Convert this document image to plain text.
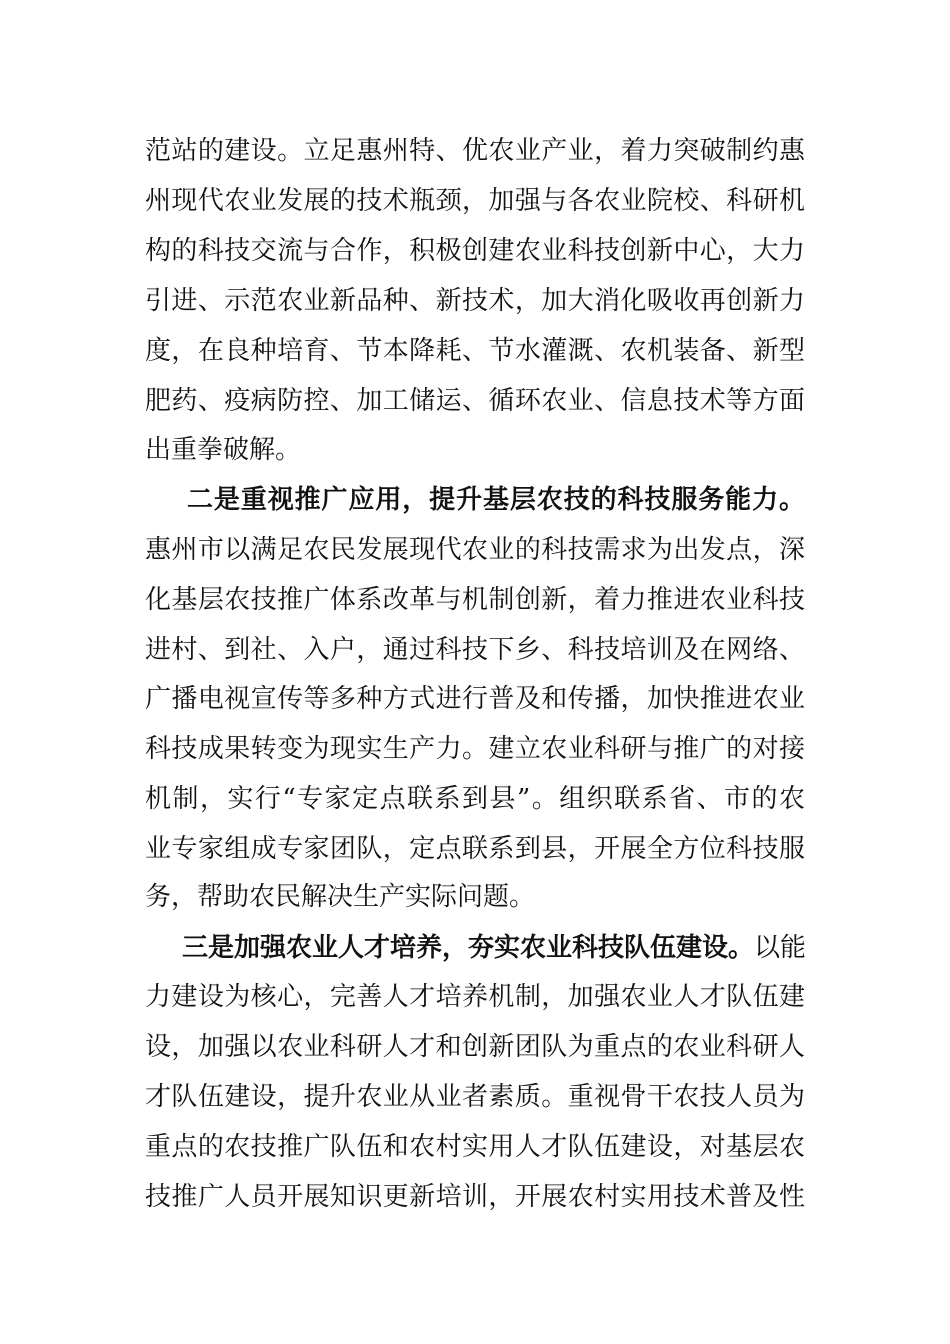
范站的建设。立足惠州特、优农业产业，着力突破制约惠
州现代农业发展的技术瓶颈，加强与各农业院校、科研机
构的科技交流与合作，积极创建农业科技创新中心，大力
引进、示范农业新品种、新技术，加大消化吸收再创新力
度，在良种培育、节本降耗、节水灌溉、农机装备、新型
肥药、疫病防控、加工储运、循环农业、信息技术等方面
出重拳破解。
二是重视推广应用，提升基层农技的科技服务能力。
惠州市以满足农民发展现代农业的科技需求为出发点，深
化基层农技推广体系改革与机制创新，着力推进农业科技
进村、到社、入户，通过科技下乡、科技培训及在网络、
广播电视宣传等多种方式进行普及和传播，加快推进农业
科技成果转变为现实生产力。建立农业科研与推广的对接
机制，实行“专家定点联系到县”。组织联系省、市的农
业专家组成专家团队，定点联系到县，开展全方位科技服
务，帮助农民解决生产实际问题。
三是加强农业人才培养，夯实农业科技队伍建设。以能
力建设为核心，完善人才培养机制，加强农业人才队伍建
设，加强以农业科研人才和创新团队为重点的农业科研人
才队伍建设，提升农业从业者素质。重视骨干农技人员为
重点的农技推广队伍和农村实用人才队伍建设，对基层农
技推广人员开展知识更新培训，开展农村实用技术普及性
